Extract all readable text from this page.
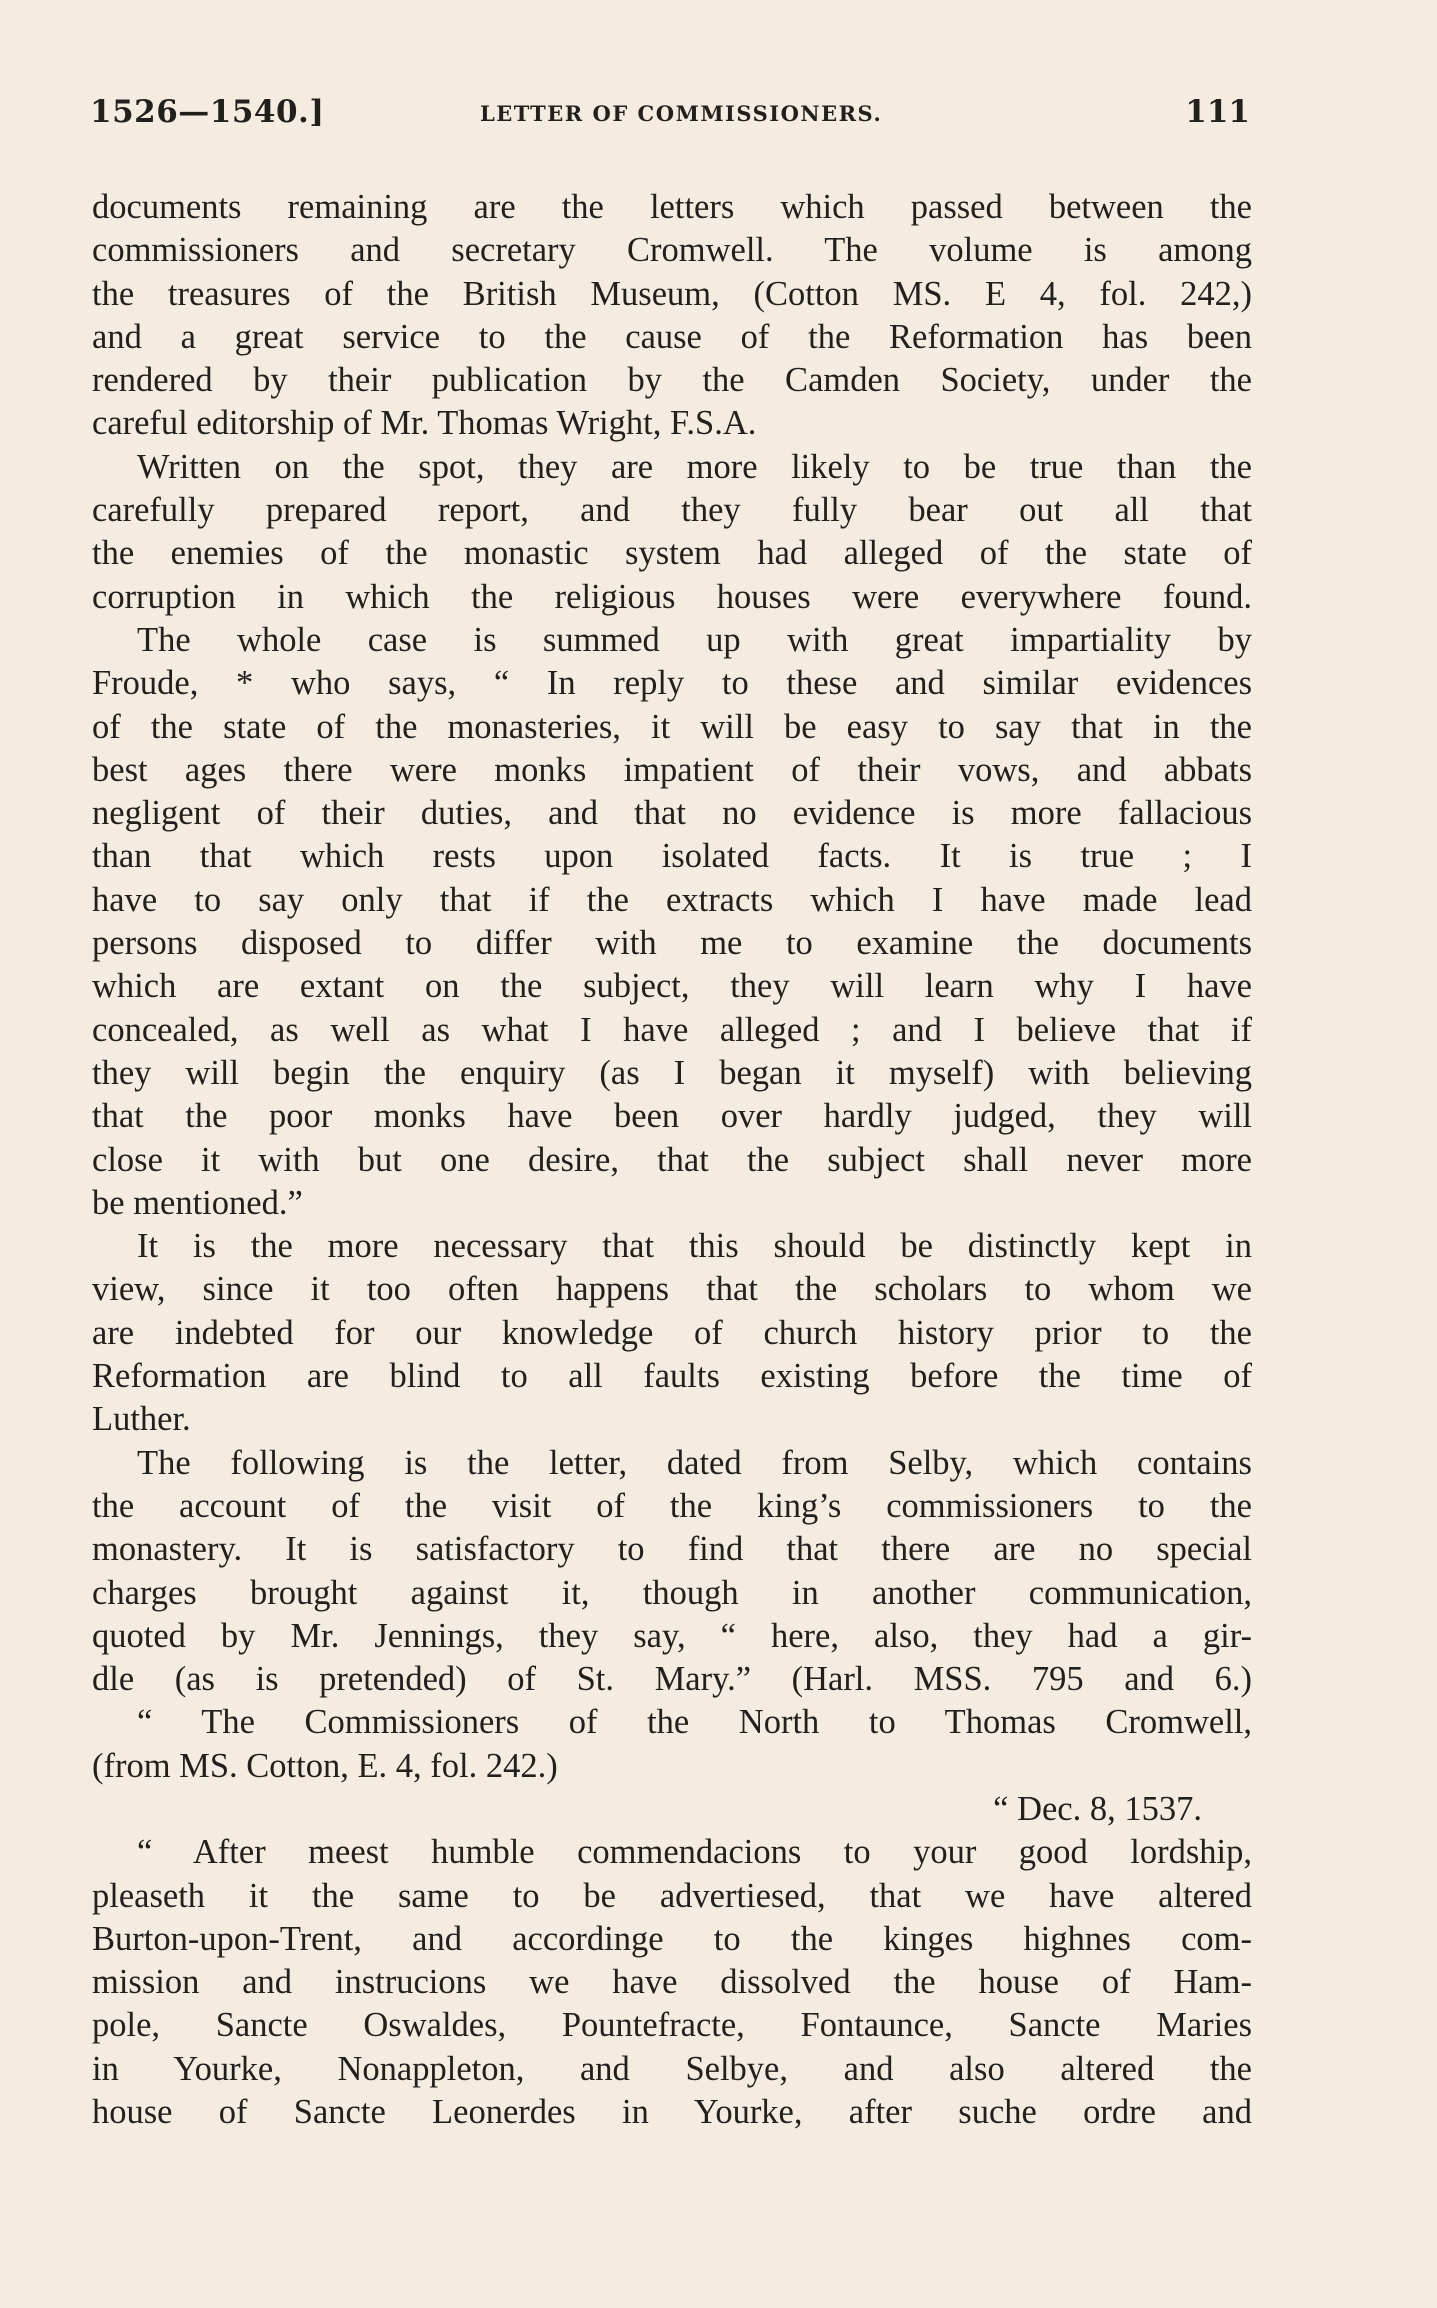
1526—1540.]	LETTER OF COMMISSIONERS.	111
documents remaining are the letters which passed between the
commissioners and secretary Cromwell. The volume is among
the treasures of the British Museum, (Cotton MS. E 4, fol. 242,)
and a great service to the cause of the Reformation has been
rendered by their publication by the Camden Society, under the
careful editorship of Mr. Thomas Wright, F.S.A.
Written on the spot, they are more likely to be true than the
carefully prepared report, and they fully bear out all that
the enemies of the monastic system had alleged of the state of
corruption in which the religious houses were everywhere found.
The whole case is summed up with great impartiality by
Froude, * who says, “ In reply to these and similar evidences
of the state of the monasteries, it will be easy to say that in the
best ages there were monks impatient of their vows, and abbats
negligent of their duties, and that no evidence is more fallacious
than that which rests upon isolated facts. It is true ; I
have to say only that if the extracts which I have made lead
persons disposed to differ with me to examine the documents
which are extant on the subject, they will learn why I have
concealed, as well as what I have alleged ; and I believe that if
they will begin the enquiry (as I began it myself) with believing
that the poor monks have been over hardly judged, they will
close it with but one desire, that the subject shall never more
be mentioned.”
It is the more necessary that this should be distinctly kept in
view, since it too often happens that the scholars to whom we
are indebted for our knowledge of church history prior to the
Reformation are blind to all faults existing before the time of
Luther.
The following is the letter, dated from Selby, which contains
the account of the visit of the king’s commissioners to the
monastery. It is satisfactory to find that there are no special
charges brought against it, though in another communication,
quoted by Mr. Jennings, they say, “ here, also, they had a gir-
dle (as is pretended) of St. Mary.” (Harl. MSS. 795 and 6.)
“ The Commissioners of the North to Thomas Cromwell,
(from MS. Cotton, E. 4, fol. 242.)
“ Dec. 8, 1537.
“ After meest humble commendacions to your good lordship,
pleaseth it the same to be advertiesed, that we have altered
Burton-upon-Trent, and accordinge to the kinges highnes com-
mission and instrucions we have dissolved the house of Ham-
pole, Sancte Oswaldes, Pountefracte, Fontaunce, Sancte Maries
in Yourke, Nonappleton, and Selbye, and also altered the
house of Sancte Leonerdes in Yourke, after suche ordre and
